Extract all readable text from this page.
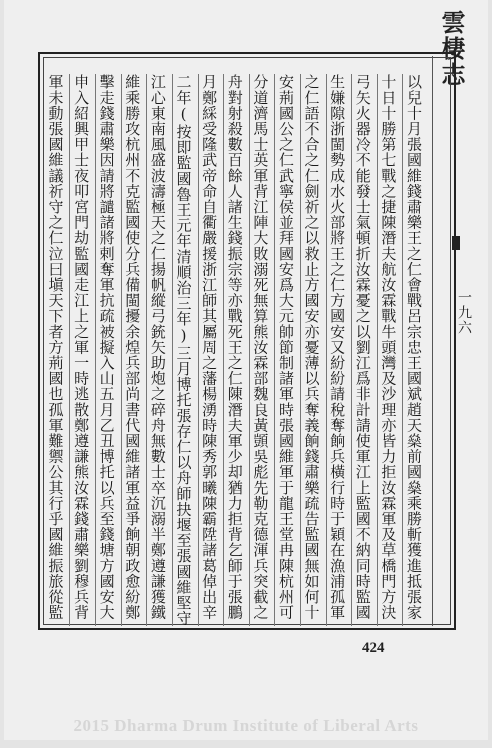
雲棲志
一九六
以兒十月張國維錢肅樂王之仁會戰呂宗忠王國斌趙天燊前國燊乘勝斬獲進抵張家
十日十勝第七戰之捷陳潛夫航汝霖戰牛頭灣及沙理亦皆力拒汝霖軍及草橋門方決
弓矢火器冷不能發士氣頓折汝霖憂之以劉江爲非計請使軍江上監國不納同時監國
生嫌隙浙閩勢成水火部將王之仁方國安又紛紛請稅奪餉兵橫行時于穎在漁浦孤軍
之仁語不合之仁劍祈之以救止方國安亦憂薄以兵奪義餉錢肅樂疏告監國無如何十
安荊國公之仁武寧侯並拜國安爲大元帥節制諸軍時張國維軍于龍王堂冉陳杭州可
分道濟馬士英軍背江陣大敗溺死無算熊汝霖部魏良黃顗吳彪先勒克德渾兵突截之
舟對射殺數百餘人諸生錢振宗等亦戰死王之仁陳潛夫軍少却猶力拒背乞師于張鵬
月鄭綵受隆武帝命自衢嚴援浙江師其屬周之藩楊湧時陳秀郭曦陳霸陞諸葛倬出辛
二年(按即監國魯王元年清順治三年)三月博托張存仁以舟師抉堰至張國維堅守
江心東南風盛波濤極天之仁揚帆縱弓銃矢助炮之碎舟無數士卒沉溺半鄭遵謙獲鐵
維乘勝攻杭州不克監國使分兵備閩擾余煌兵部尚書代國維諸軍益爭餉朝政愈紛鄭
擊走錢肅樂因請將譴諸將剌奪軍抗疏被擬入山五月乙丑博托以兵至錢塘方國安大
申入紹興甲士夜叩宮門劫監國走江上之軍一時逃散鄭遵謙熊汝霖錢肅樂劉穆兵背
軍未動張國維議祈守之仁泣曰塡天下者方荊國也孤軍難禦公其行乎國維振旅從監
424
2015 Dharma Drum Institute of Liberal Arts
